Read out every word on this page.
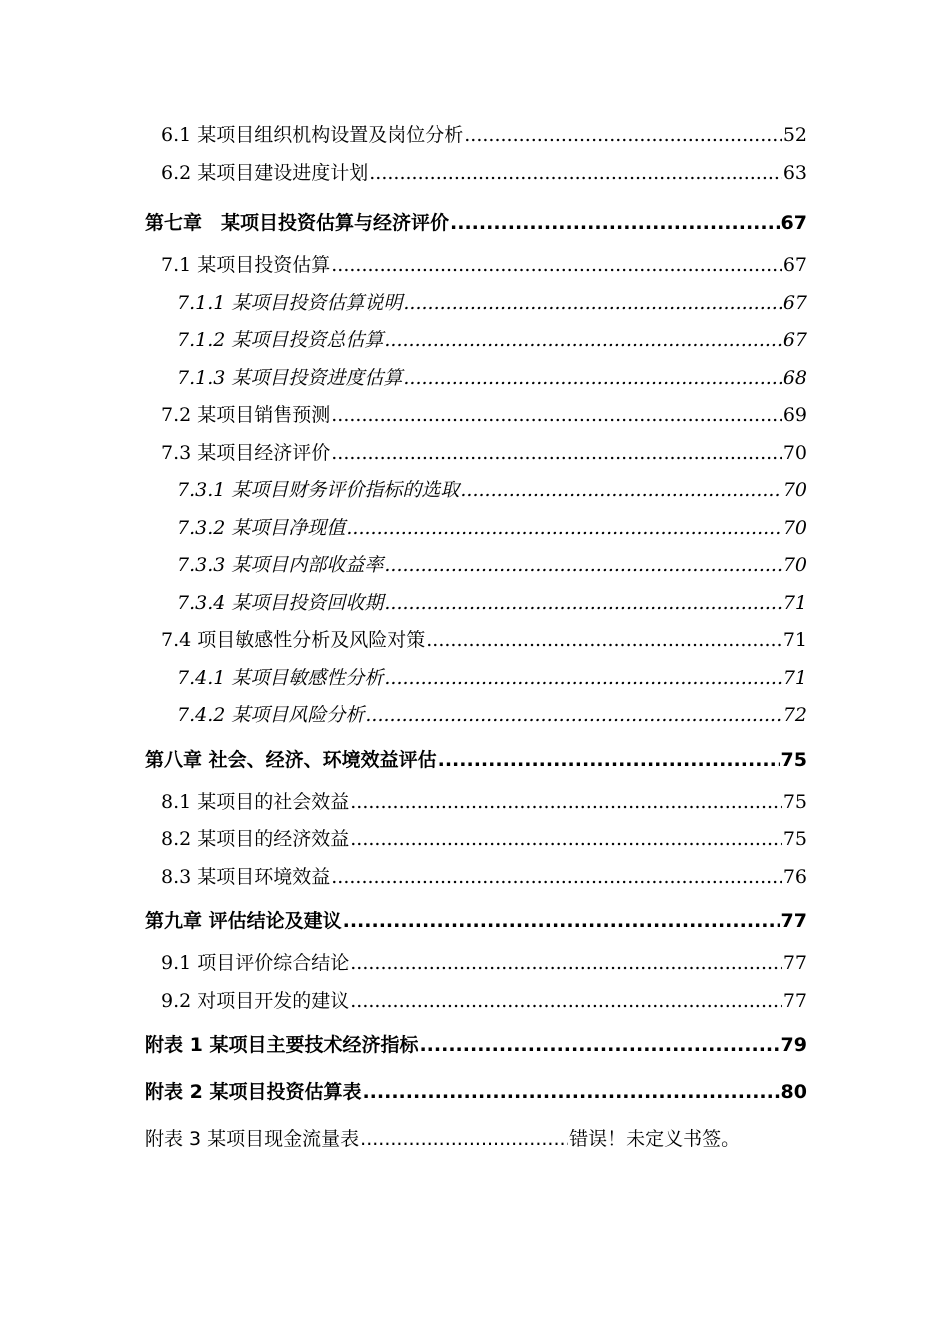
6.1 某项目组织机构设置及岗位分析 .....	52
6.2 某项目建设进度计划 .....	63
第七章　某项目投资估算与经济评价 .....	67
7.1 某项目投资估算 .....	67
7.1.1 某项目投资估算说明 .....	67
7.1.2 某项目投资总估算 .....	67
7.1.3 某项目投资进度估算 .....	68
7.2 某项目销售预测 .....	69
7.3 某项目经济评价 .....	70
7.3.1 某项目财务评价指标的选取 .....	70
7.3.2 某项目净现值 .....	70
7.3.3 某项目内部收益率 .....	70
7.3.4 某项目投资回收期 .....	71
7.4 项目敏感性分析及风险对策 .....	71
7.4.1 某项目敏感性分析 .....	71
7.4.2 某项目风险分析 .....	72
第八章 社会、经济、环境效益评估 .....	75
8.1 某项目的社会效益 .....	75
8.2 某项目的经济效益 .....	75
8.3 某项目环境效益 .....	76
第九章 评估结论及建议 .....	77
9.1 项目评价综合结论 .....	77
9.2 对项目开发的建议 .....	77
附表 1 某项目主要技术经济指标 .....	79
附表 2 某项目投资估算表 .....	80
附表 3 某项目现金流量表 .....	错误！未定义书签。
